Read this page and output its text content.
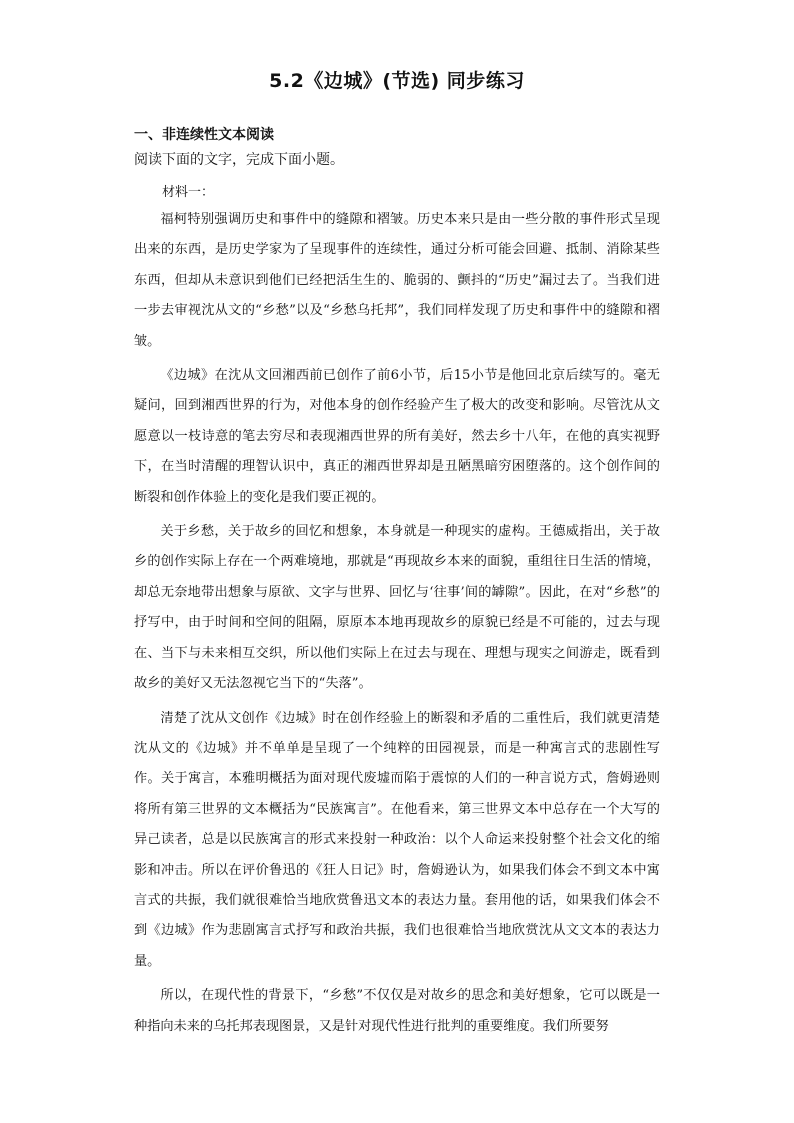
5.2《边城》(节选) 同步练习
一、非连续性文本阅读

阅读下面的文字，完成下面小题。

材料一：

福柯特别强调历史和事件中的缝隙和褶皱。历史本来只是由一些分散的事件形式呈现出来的东西，是历史学家为了呈现事件的连续性，通过分析可能会回避、抵制、消除某些东西，但却从未意识到他们已经把活生生的、脆弱的、颤抖的“历史”漏过去了。当我们进一步去审视沈从文的“乡愁”以及“乡愁乌托邦”，我们同样发现了历史和事件中的缝隙和褶皱。

《边城》在沈从文回湘西前已创作了前6小节，后15小节是他回北京后续写的。毫无疑问，回到湘西世界的行为，对他本身的创作经验产生了极大的改变和影响。尽管沈从文愿意以一枝诗意的笔去穷尽和表现湘西世界的所有美好，然去乡十八年，在他的真实视野下，在当时清醒的理智认识中，真正的湘西世界却是丑陋黑暗穷困堕落的。这个创作间的断裂和创作体验上的变化是我们要正视的。

关于乡愁，关于故乡的回忆和想象，本身就是一种现实的虚构。王德威指出，关于故乡的创作实际上存在一个两难境地，那就是“再现故乡本来的面貌，重组往日生活的情境，却总无奈地带出想象与原欲、文字与世界、回忆与‘往事’间的罅隙”。因此，在对“乡愁”的抒写中，由于时间和空间的阻隔，原原本本地再现故乡的原貌已经是不可能的，过去与现在、当下与未来相互交织，所以他们实际上在过去与现在、理想与现实之间游走，既看到故乡的美好又无法忽视它当下的“失落”。

清楚了沈从文创作《边城》时在创作经验上的断裂和矛盾的二重性后，我们就更清楚沈从文的《边城》并不单单是呈现了一个纯粹的田园视景，而是一种寓言式的悲剧性写作。关于寓言，本雅明概括为面对现代废墟而陷于震惊的人们的一种言说方式，詹姆逊则将所有第三世界的文本概括为“民族寓言”。在他看来，第三世界文本中总存在一个大写的异己读者，总是以民族寓言的形式来投射一种政治：以个人命运来投射整个社会文化的缩影和冲击。所以在评价鲁迅的《狂人日记》时，詹姆逊认为，如果我们体会不到文本中寓言式的共振，我们就很难恰当地欣赏鲁迅文本的表达力量。套用他的话，如果我们体会不到《边城》作为悲剧寓言式抒写和政治共振，我们也很难恰当地欣赏沈从文文本的表达力量。

所以，在现代性的背景下，“乡愁”不仅仅是对故乡的思念和美好想象，它可以既是一种指向未来的乌托邦表现图景，又是针对现代性进行批判的重要维度。我们所要努
